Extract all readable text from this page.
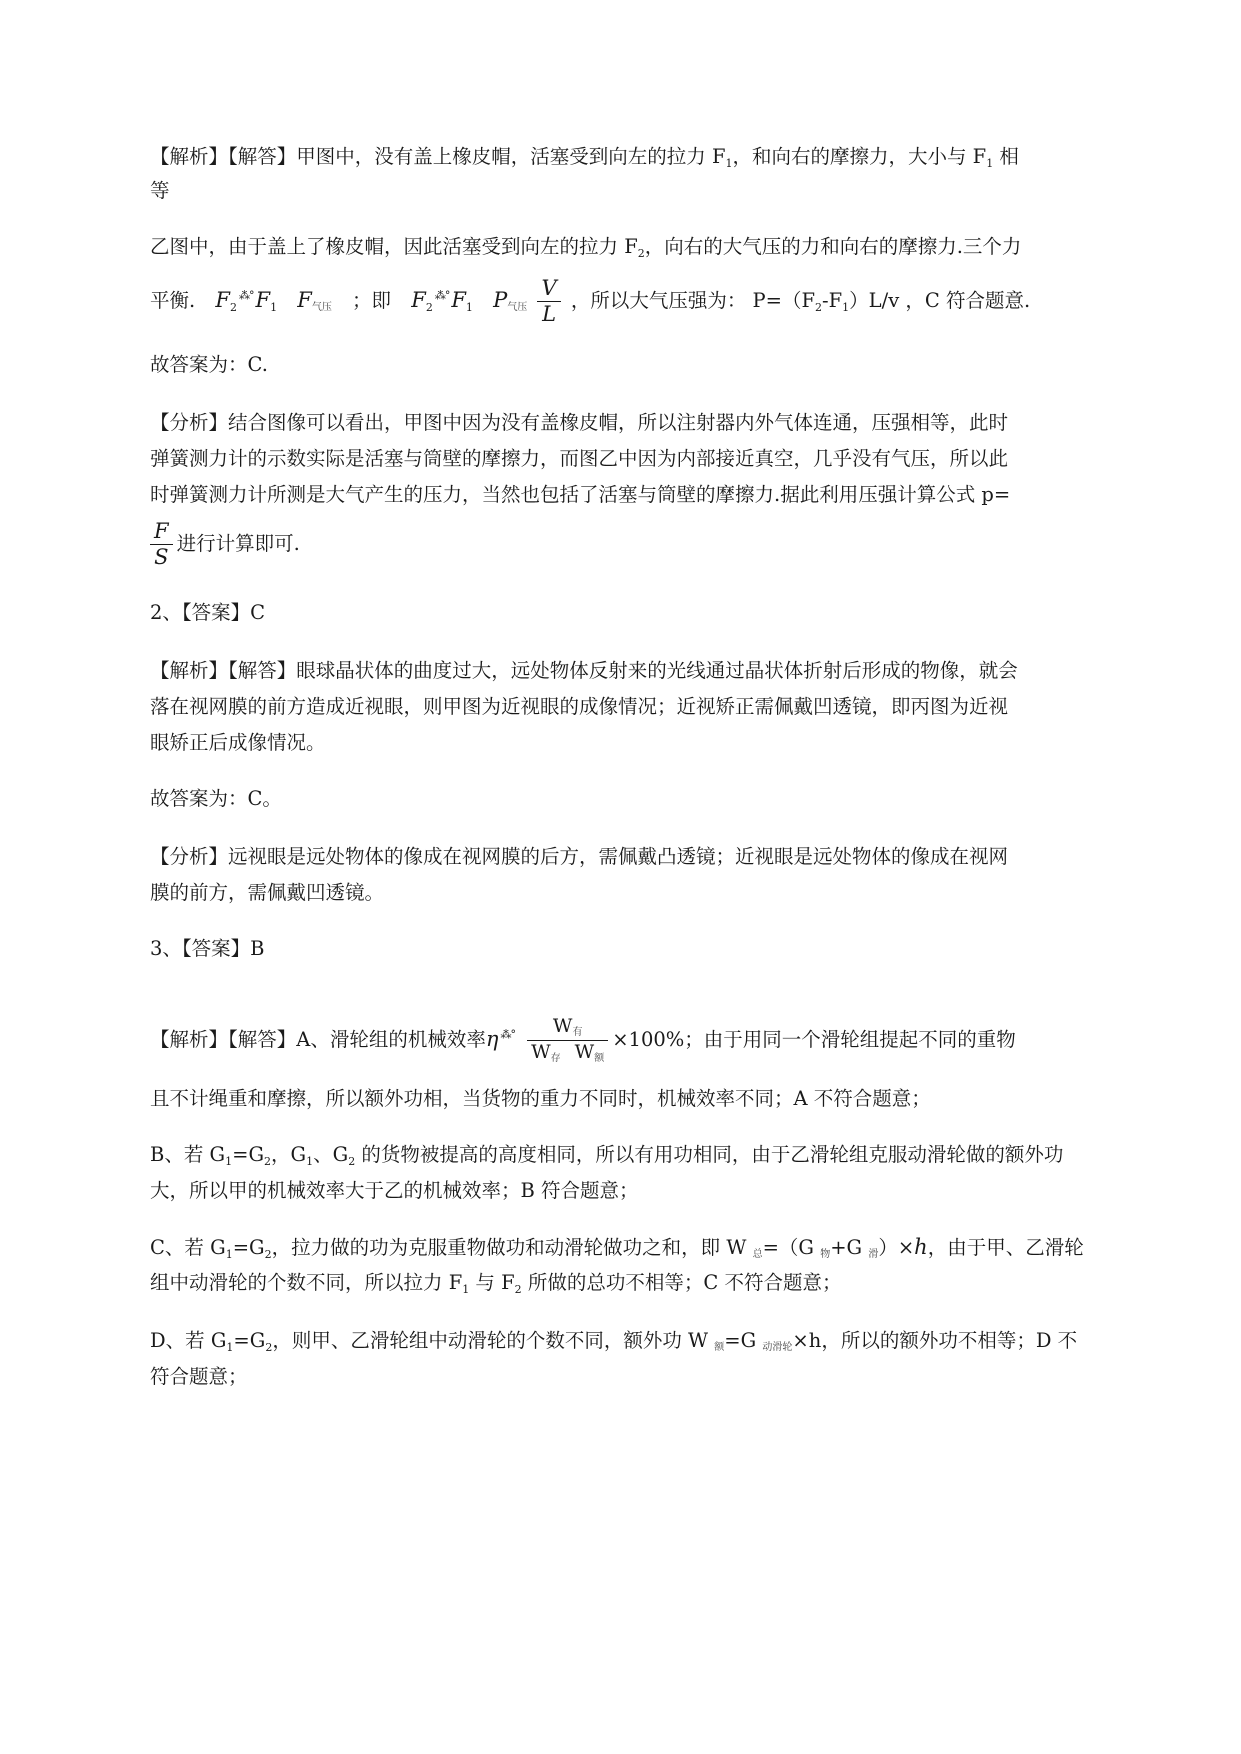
【解析】【解答】甲图中，没有盖上橡皮帽，活塞受到向左的拉力 $F_1$，和向右的摩擦力，大小与 $F_1$ 相
等
乙图中，由于盖上了橡皮帽，因此活塞受到向左的拉力 $F_2$，向右的大气压的力和向右的摩擦力.三个力
平衡. $F_2^{⁂^\circ}F_1$ F气压 ；即 $F_2^{⁂^\circ}F_1$ P气压 $\frac{V}{L}$ ，所以大气压强为： $P=(F_2-F_1)L/v$ ，C 符合题意.
故答案为：C.
【分析】结合图像可以看出，甲图中因为没有盖橡皮帽，所以注射器内外气体连通，压强相等，此时
弹簧测力计的示数实际是活塞与筒壁的摩擦力，而图乙中因为内部接近真空，几乎没有气压，所以此
时弹簧测力计所测是大气产生的压力，当然也包括了活塞与筒壁的摩擦力.据此利用压强计算公式 p=
$\frac{F}{S}$ 进行计算即可.
2、【答案】C
【解析】【解答】眼球晶状体的曲度过大，远处物体反射来的光线通过晶状体折射后形成的物像，就会
落在视网膜的前方造成近视眼，则甲图为近视眼的成像情况；近视矫正需佩戴凹透镜，即丙图为近视
眼矫正后成像情况。
故答案为：C。
【分析】远视眼是远处物体的像成在视网膜的后方，需佩戴凸透镜；近视眼是远处物体的像成在视网
膜的前方，需佩戴凹透镜。
3、【答案】B
【解析】【解答】A、滑轮组的机械效率η $^{⁂^\circ} \frac{\text{W有}}{\text{W存 W额}} \times 100\%$；由于用同一个滑轮组提起不同的重物
且不计绳重和摩擦，所以额外功相，当货物的重力不同时，机械效率不同；A 不符合题意；
B、若 $G_1=G_2$，$G_1$、$G_2$ 的货物被提高的高度相同，所以有用功相同，由于乙滑轮组克服动滑轮做的额外功
大，所以甲的机械效率大于乙的机械效率；B 符合题意；
C、若 $G_1=G_2$，拉力做的功为克服重物做功和动滑轮做功之和，即 W 总=（G 物+G 滑）×h，由于甲、乙滑轮
组中动滑轮的个数不同，所以拉力 $F_1$ 与 $F_2$ 所做的总功不相等；C 不符合题意；
D、若 $G_1=G_2$，则甲、乙滑轮组中动滑轮的个数不同，额外功 W 额=G 动滑轮×h，所以的额外功不相等；D 不
符合题意；
